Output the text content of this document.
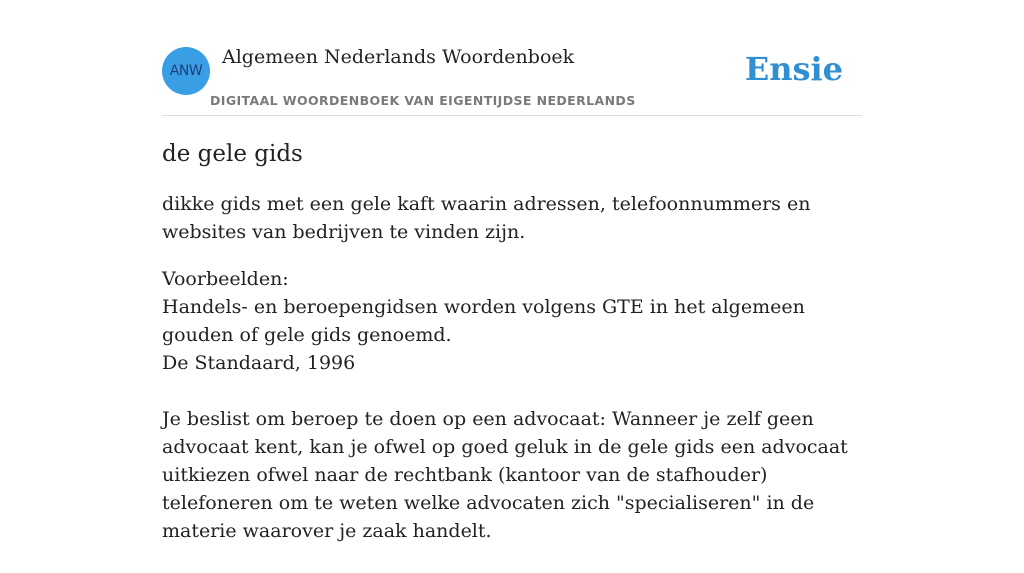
ANW
Algemeen Nederlands Woordenboek
DIGITAAL WOORDENBOEK VAN EIGENTIJDSE NEDERLANDS
Ensie
de gele gids

dikke gids met een gele kaft waarin adressen, telefoonnummers en websites van bedrijven te vinden zijn.

Voorbeelden:

Handels- en beroepengidsen worden volgens GTE in het algemeen gouden of gele gids genoemd.

De Standaard, 1996

Je beslist om beroep te doen op een advocaat: Wanneer je zelf geen advocaat kent, kan je ofwel op goed geluk in de gele gids een advocaat uitkiezen ofwel naar de rechtbank (kantoor van de stafhouder) telefoneren om te weten welke advocaten zich "specialiseren" in de materie waarover je zaak handelt.
